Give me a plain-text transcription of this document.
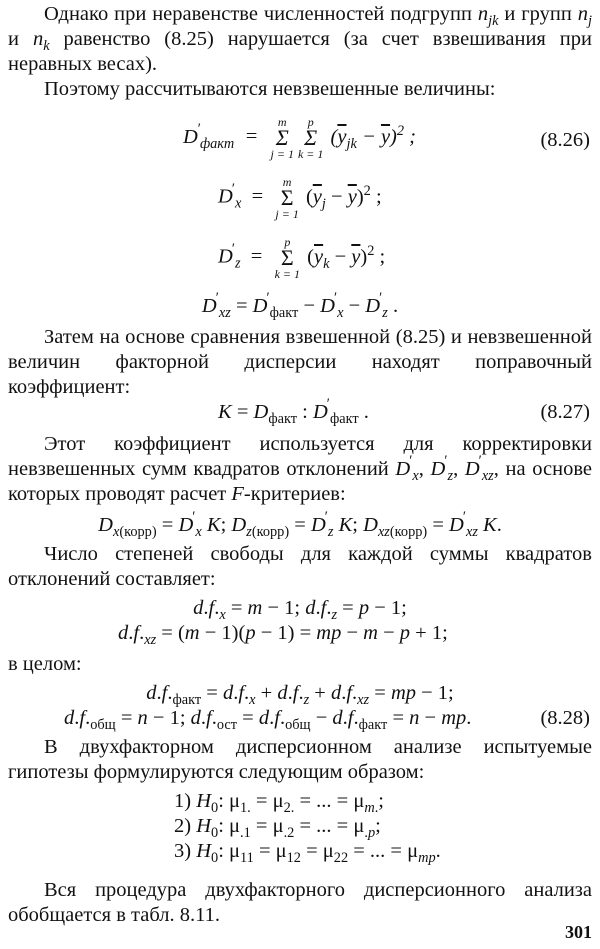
Однако при неравенстве численностей подгрупп $n_{jk}$ и групп $n_j$ и $n_k$ равенство (8.25) нарушается (за счет взвешивания при неравных весах).

Поэтому рассчитываются невзвешенные величины:

$D'_{факт}$  =
m
Σ
j = 1
p
Σ
k = 1
$(\overline{y}_{jk} - \overline{y})^2$ ;	(8.26)
$D'_x$  =
m
Σ
j = 1
$(\overline{y}_j - \overline{y})^2$ ;
$D'_z$  =
p
Σ
k = 1
$(\overline{y}_k - \overline{y})^2$ ;
$D'_{xz} = D'_{факт} - D'_x - D'_z$ .

Затем на основе сравнения взвешенной (8.25) и невзвешенной величин факторной дисперсии находят поправочный коэффициент:

$K = D_{факт}$ : $D'_{факт}$ .	(8.27)

Этот коэффициент используется для корректировки невзвешенных сумм квадратов отклонений $D'_x$, $D'_z$, $D'_{xz}$, на основе которых проводят расчет F-критериев:

$D_{x(корр)} = D'_x$ K; $D_{z(корр)} = D'_z$ K; $D_{xz(корр)} = D'_{xz}$ K.

Число степеней свободы для каждой суммы квадратов отклонений составляет:

$d.f._x = m - 1$; $d.f._z = p - 1$;
$d.f._{xz} = (m - 1)(p - 1)$ = mp − m − p + 1;

в целом:

$d.f._{факт} = d.f._x + d.f._z + d.f._{xz}$ = mp − 1;
$d.f._{общ} = n - 1$; $d.f._{ост} = d.f._{общ} - d.f._{факт} = n$ − mp.	(8.28)

В двухфакторном дисперсионном анализе испытуемые гипотезы формулируются следующим образом:

1) $H_0$: $\mu_{1.} = \mu_{2.}$ = ... = $\mu_{m.}$;
2) $H_0$: $\mu_{.1} = \mu_{.2}$ = ... = $\mu_{.p}$;
3) $H_0$: $\mu_{11} = \mu_{12} = \mu_{22}$ = ... = $\mu_{mp}$.

Вся процедура двухфакторного дисперсионного анализа обобщается в табл. 8.11.

301
